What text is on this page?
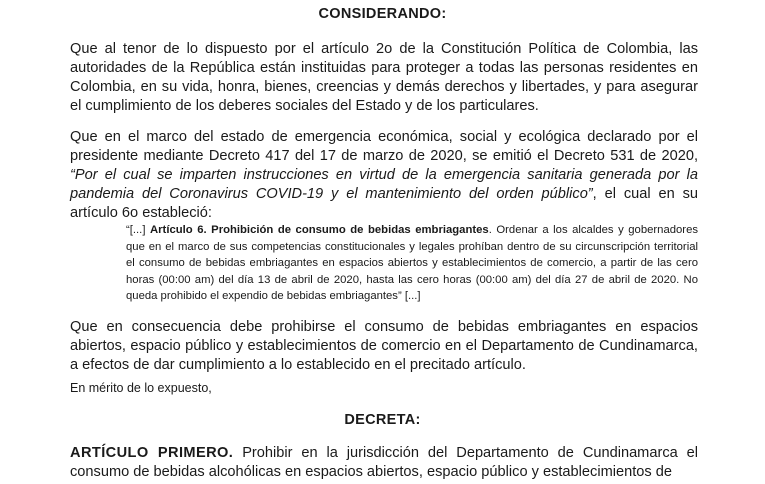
CONSIDERANDO:
Que al tenor de lo dispuesto por el artículo 2o de la Constitución Política de Colombia, las autoridades de la República están instituidas para proteger a todas las personas residentes en Colombia, en su vida, honra, bienes, creencias y demás derechos y libertades, y para asegurar el cumplimiento de los deberes sociales del Estado y de los particulares.
Que en el marco del estado de emergencia económica, social y ecológica declarado por el presidente mediante Decreto 417 del 17 de marzo de 2020, se emitió el Decreto 531 de 2020, “Por el cual se imparten instrucciones en virtud de la emergencia sanitaria generada por la pandemia del Coronavirus COVID-19 y el mantenimiento del orden público”, el cual en su artículo 6o estableció:
“[...] Artículo 6. Prohibición de consumo de bebidas embriagantes. Ordenar a los alcaldes y gobernadores que en el marco de sus competencias constitucionales y legales prohíban dentro de su circunscripción territorial el consumo de bebidas embriagantes en espacios abiertos y establecimientos de comercio, a partir de las cero horas (00:00 am) del día 13 de abril de 2020, hasta las cero horas (00:00 am) del día 27 de abril de 2020. No queda prohibido el expendio de bebidas embriagantes” [...]
Que en consecuencia debe prohibirse el consumo de bebidas embriagantes en espacios abiertos, espacio público y establecimientos de comercio en el Departamento de Cundinamarca, a efectos de dar cumplimiento a lo establecido en el precitado artículo.
En mérito de lo expuesto,
DECRETA:
ARTÍCULO PRIMERO. Prohibir en la jurisdicción del Departamento de Cundinamarca el consumo de bebidas alcohólicas en espacios abiertos, espacio público y establecimientos de
